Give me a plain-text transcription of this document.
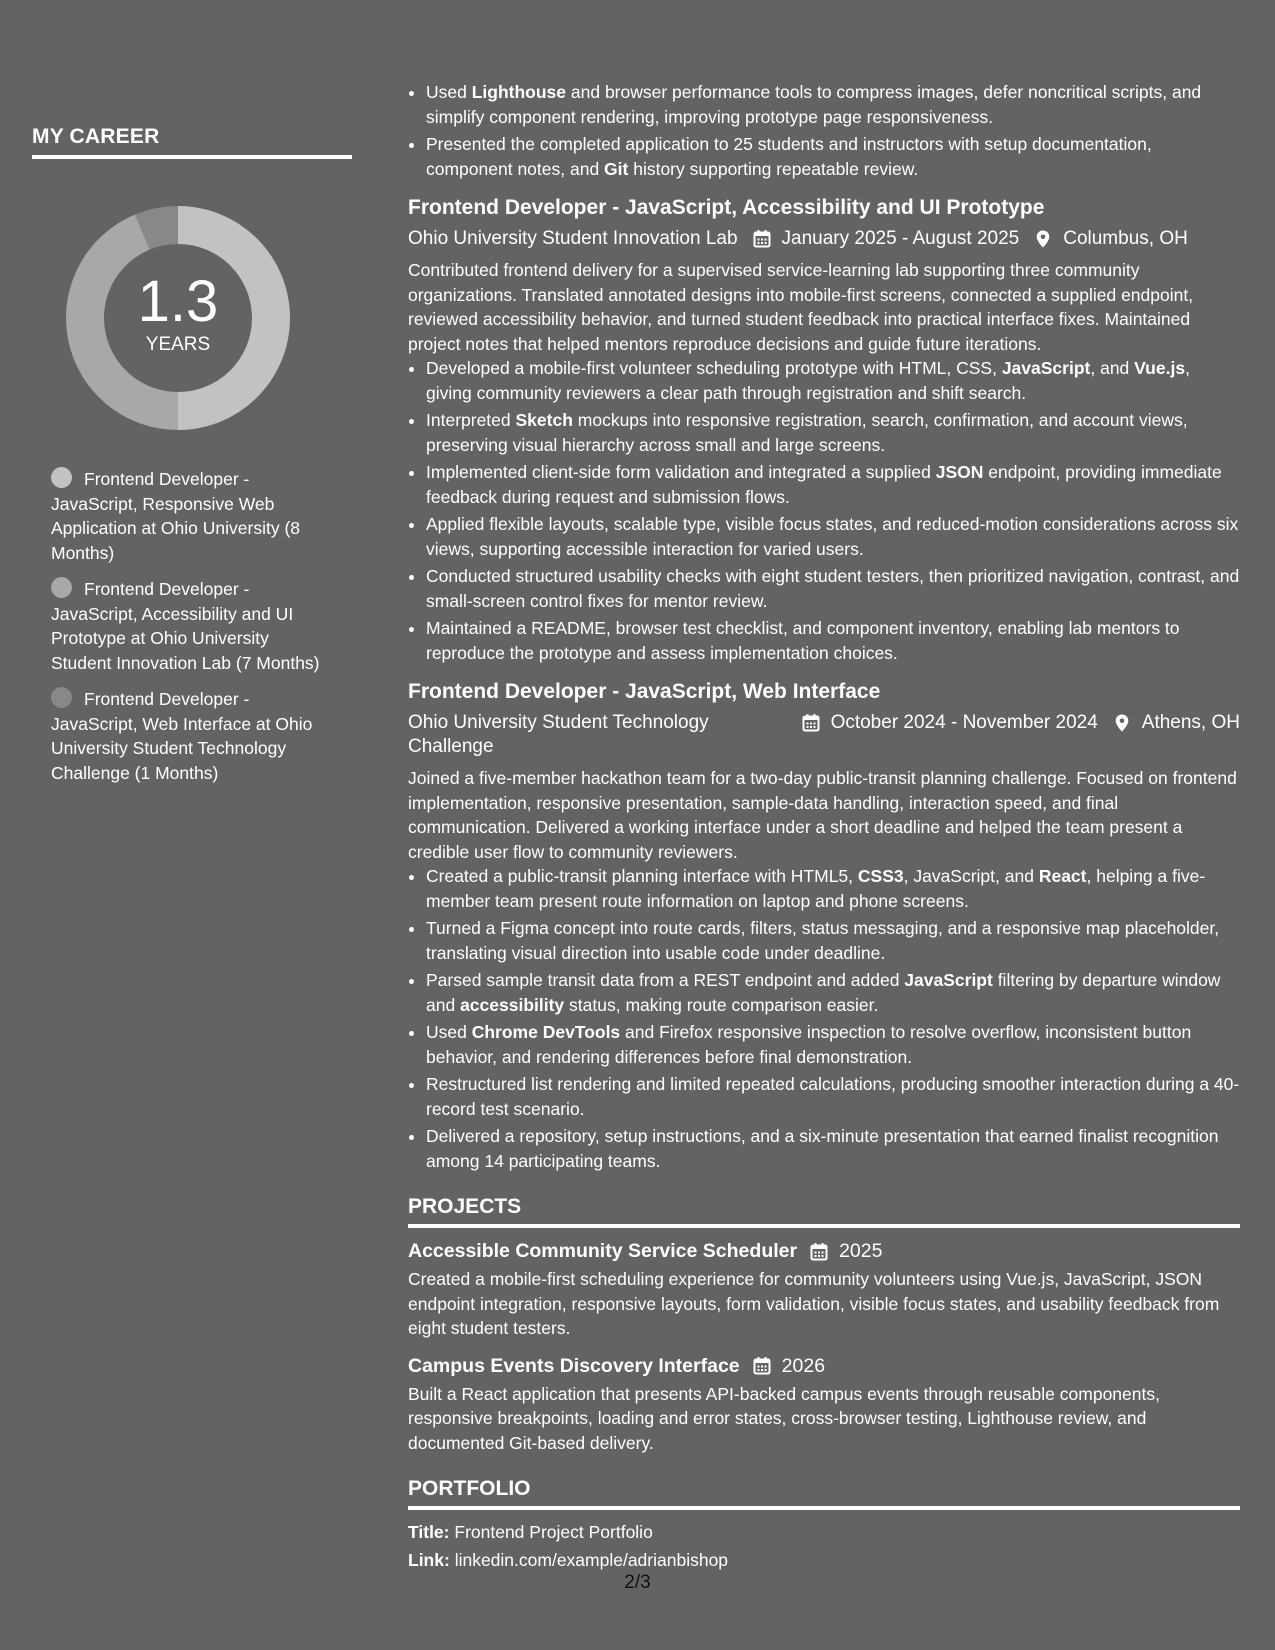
MY CAREER
1.3
YEARS
Frontend Developer - JavaScript, Responsive Web Application at Ohio University (8 Months)
Frontend Developer - JavaScript, Accessibility and UI Prototype at Ohio University Student Innovation Lab (7 Months)
Frontend Developer - JavaScript, Web Interface at Ohio University Student Technology Challenge (1 Months)
• Used Lighthouse and browser performance tools to compress images, defer noncritical scripts, and simplify component rendering, improving prototype page responsiveness.
• Presented the completed application to 25 students and instructors with setup documentation, component notes, and Git history supporting repeatable review.
Frontend Developer - JavaScript, Accessibility and UI Prototype
Ohio University Student Innovation Lab January 2025 - August 2025 Columbus, OH

Contributed frontend delivery for a supervised service-learning lab supporting three community organizations. Translated annotated designs into mobile-first screens, connected a supplied endpoint, reviewed accessibility behavior, and turned student feedback into practical interface fixes. Maintained project notes that helped mentors reproduce decisions and guide future iterations.

• Developed a mobile-first volunteer scheduling prototype with HTML, CSS, JavaScript, and Vue.js, giving community reviewers a clear path through registration and shift search.
• Interpreted Sketch mockups into responsive registration, search, confirmation, and account views, preserving visual hierarchy across small and large screens.
• Implemented client-side form validation and integrated a supplied JSON endpoint, providing immediate feedback during request and submission flows.
• Applied flexible layouts, scalable type, visible focus states, and reduced-motion considerations across six views, supporting accessible interaction for varied users.
• Conducted structured usability checks with eight student testers, then prioritized navigation, contrast, and small-screen control fixes for mentor review.
• Maintained a README, browser test checklist, and component inventory, enabling lab mentors to reproduce the prototype and assess implementation choices.
Frontend Developer - JavaScript, Web Interface
Ohio University Student Technology Challenge
October 2024 - November 2024 Athens, OH

Joined a five-member hackathon team for a two-day public-transit planning challenge. Focused on frontend implementation, responsive presentation, sample-data handling, interaction speed, and final communication. Delivered a working interface under a short deadline and helped the team present a credible user flow to community reviewers.

• Created a public-transit planning interface with HTML5, CSS3, JavaScript, and React, helping a five-member team present route information on laptop and phone screens.
• Turned a Figma concept into route cards, filters, status messaging, and a responsive map placeholder, translating visual direction into usable code under deadline.
• Parsed sample transit data from a REST endpoint and added JavaScript filtering by departure window and accessibility status, making route comparison easier.
• Used Chrome DevTools and Firefox responsive inspection to resolve overflow, inconsistent button behavior, and rendering differences before final demonstration.
• Restructured list rendering and limited repeated calculations, producing smoother interaction during a 40-record test scenario.
• Delivered a repository, setup instructions, and a six-minute presentation that earned finalist recognition among 14 participating teams.
PROJECTS
Accessible Community Service Scheduler 2025

Created a mobile-first scheduling experience for community volunteers using Vue.js, JavaScript, JSON endpoint integration, responsive layouts, form validation, visible focus states, and usability feedback from eight student testers.

Campus Events Discovery Interface 2026

Built a React application that presents API-backed campus events through reusable components, responsive breakpoints, loading and error states, cross-browser testing, Lighthouse review, and documented Git-based delivery.

PORTFOLIO
Title: Frontend Project Portfolio
Link: linkedin.com/example/adrianbishop
2/3
